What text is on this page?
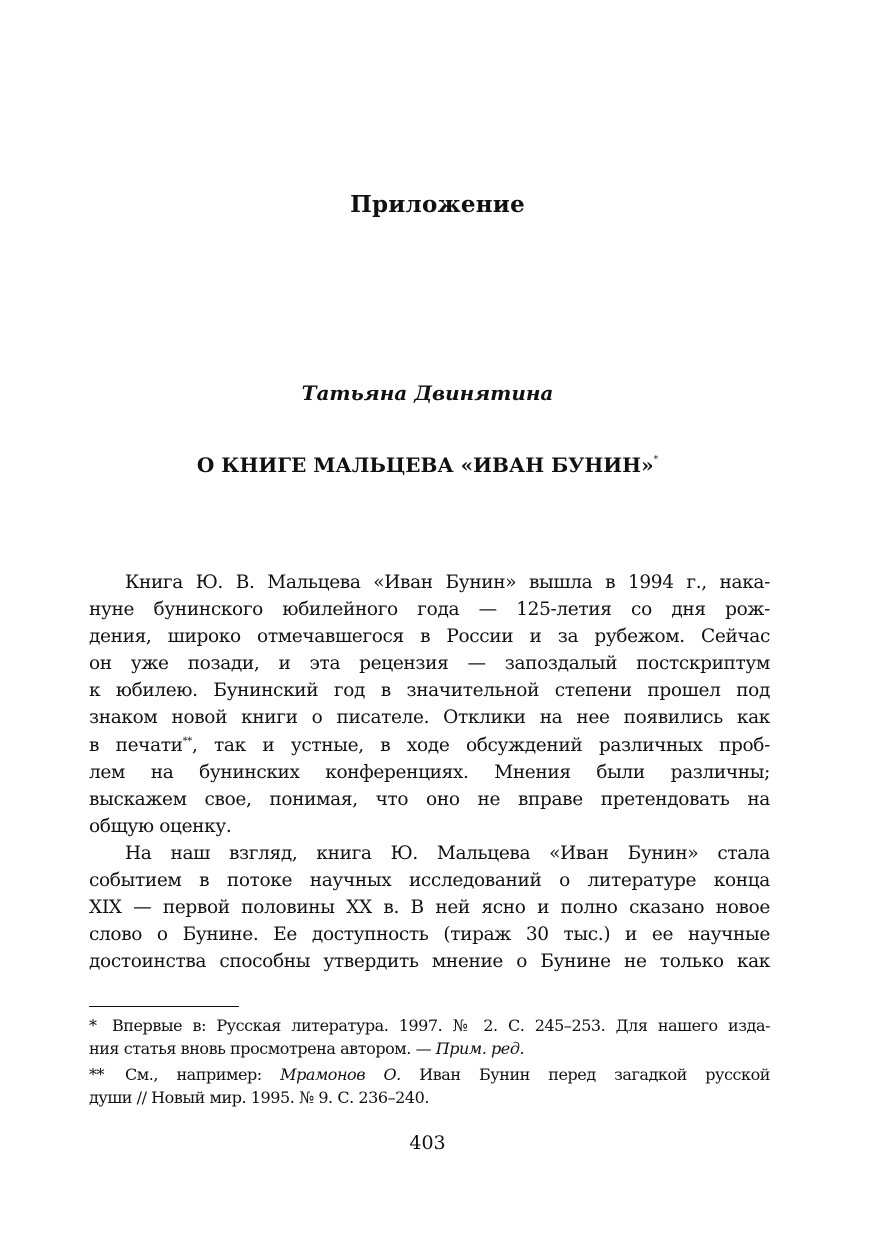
Приложение
Татьяна Двинятина
О КНИГЕ МАЛЬЦЕВА «ИВАН БУНИН»*
Книга Ю. В. Мальцева «Иван Бунин» вышла в 1994 г., нака-
нуне бунинского юбилейного года — 125-летия со дня рож-
дения, широко отмечавшегося в России и за рубежом. Сейчас
он уже позади, и эта рецензия — запоздалый постскриптум
к юбилею. Бунинский год в значительной степени прошел под
знаком новой книги о писателе. Отклики на нее появились как
в печати**, так и устные, в ходе обсуждений различных проб-
лем на бунинских конференциях. Мнения были различны;
выскажем свое, понимая, что оно не вправе претендовать на
общую оценку.
На наш взгляд, книга Ю. Мальцева «Иван Бунин» стала
событием в потоке научных исследований о литературе конца
XIX — первой половины XX в. В ней ясно и полно сказано новое
слово о Бунине. Ее доступность (тираж 30 тыс.) и ее научные
достоинства способны утвердить мнение о Бунине не только как
* Впервые в: Русская литература. 1997. № 2. С. 245–253. Для нашего изда-
ния статья вновь просмотрена автором. — Прим. ред.
** См., например: Мрамонов О. Иван Бунин перед загадкой русской
души // Новый мир. 1995. № 9. С. 236–240.
403
